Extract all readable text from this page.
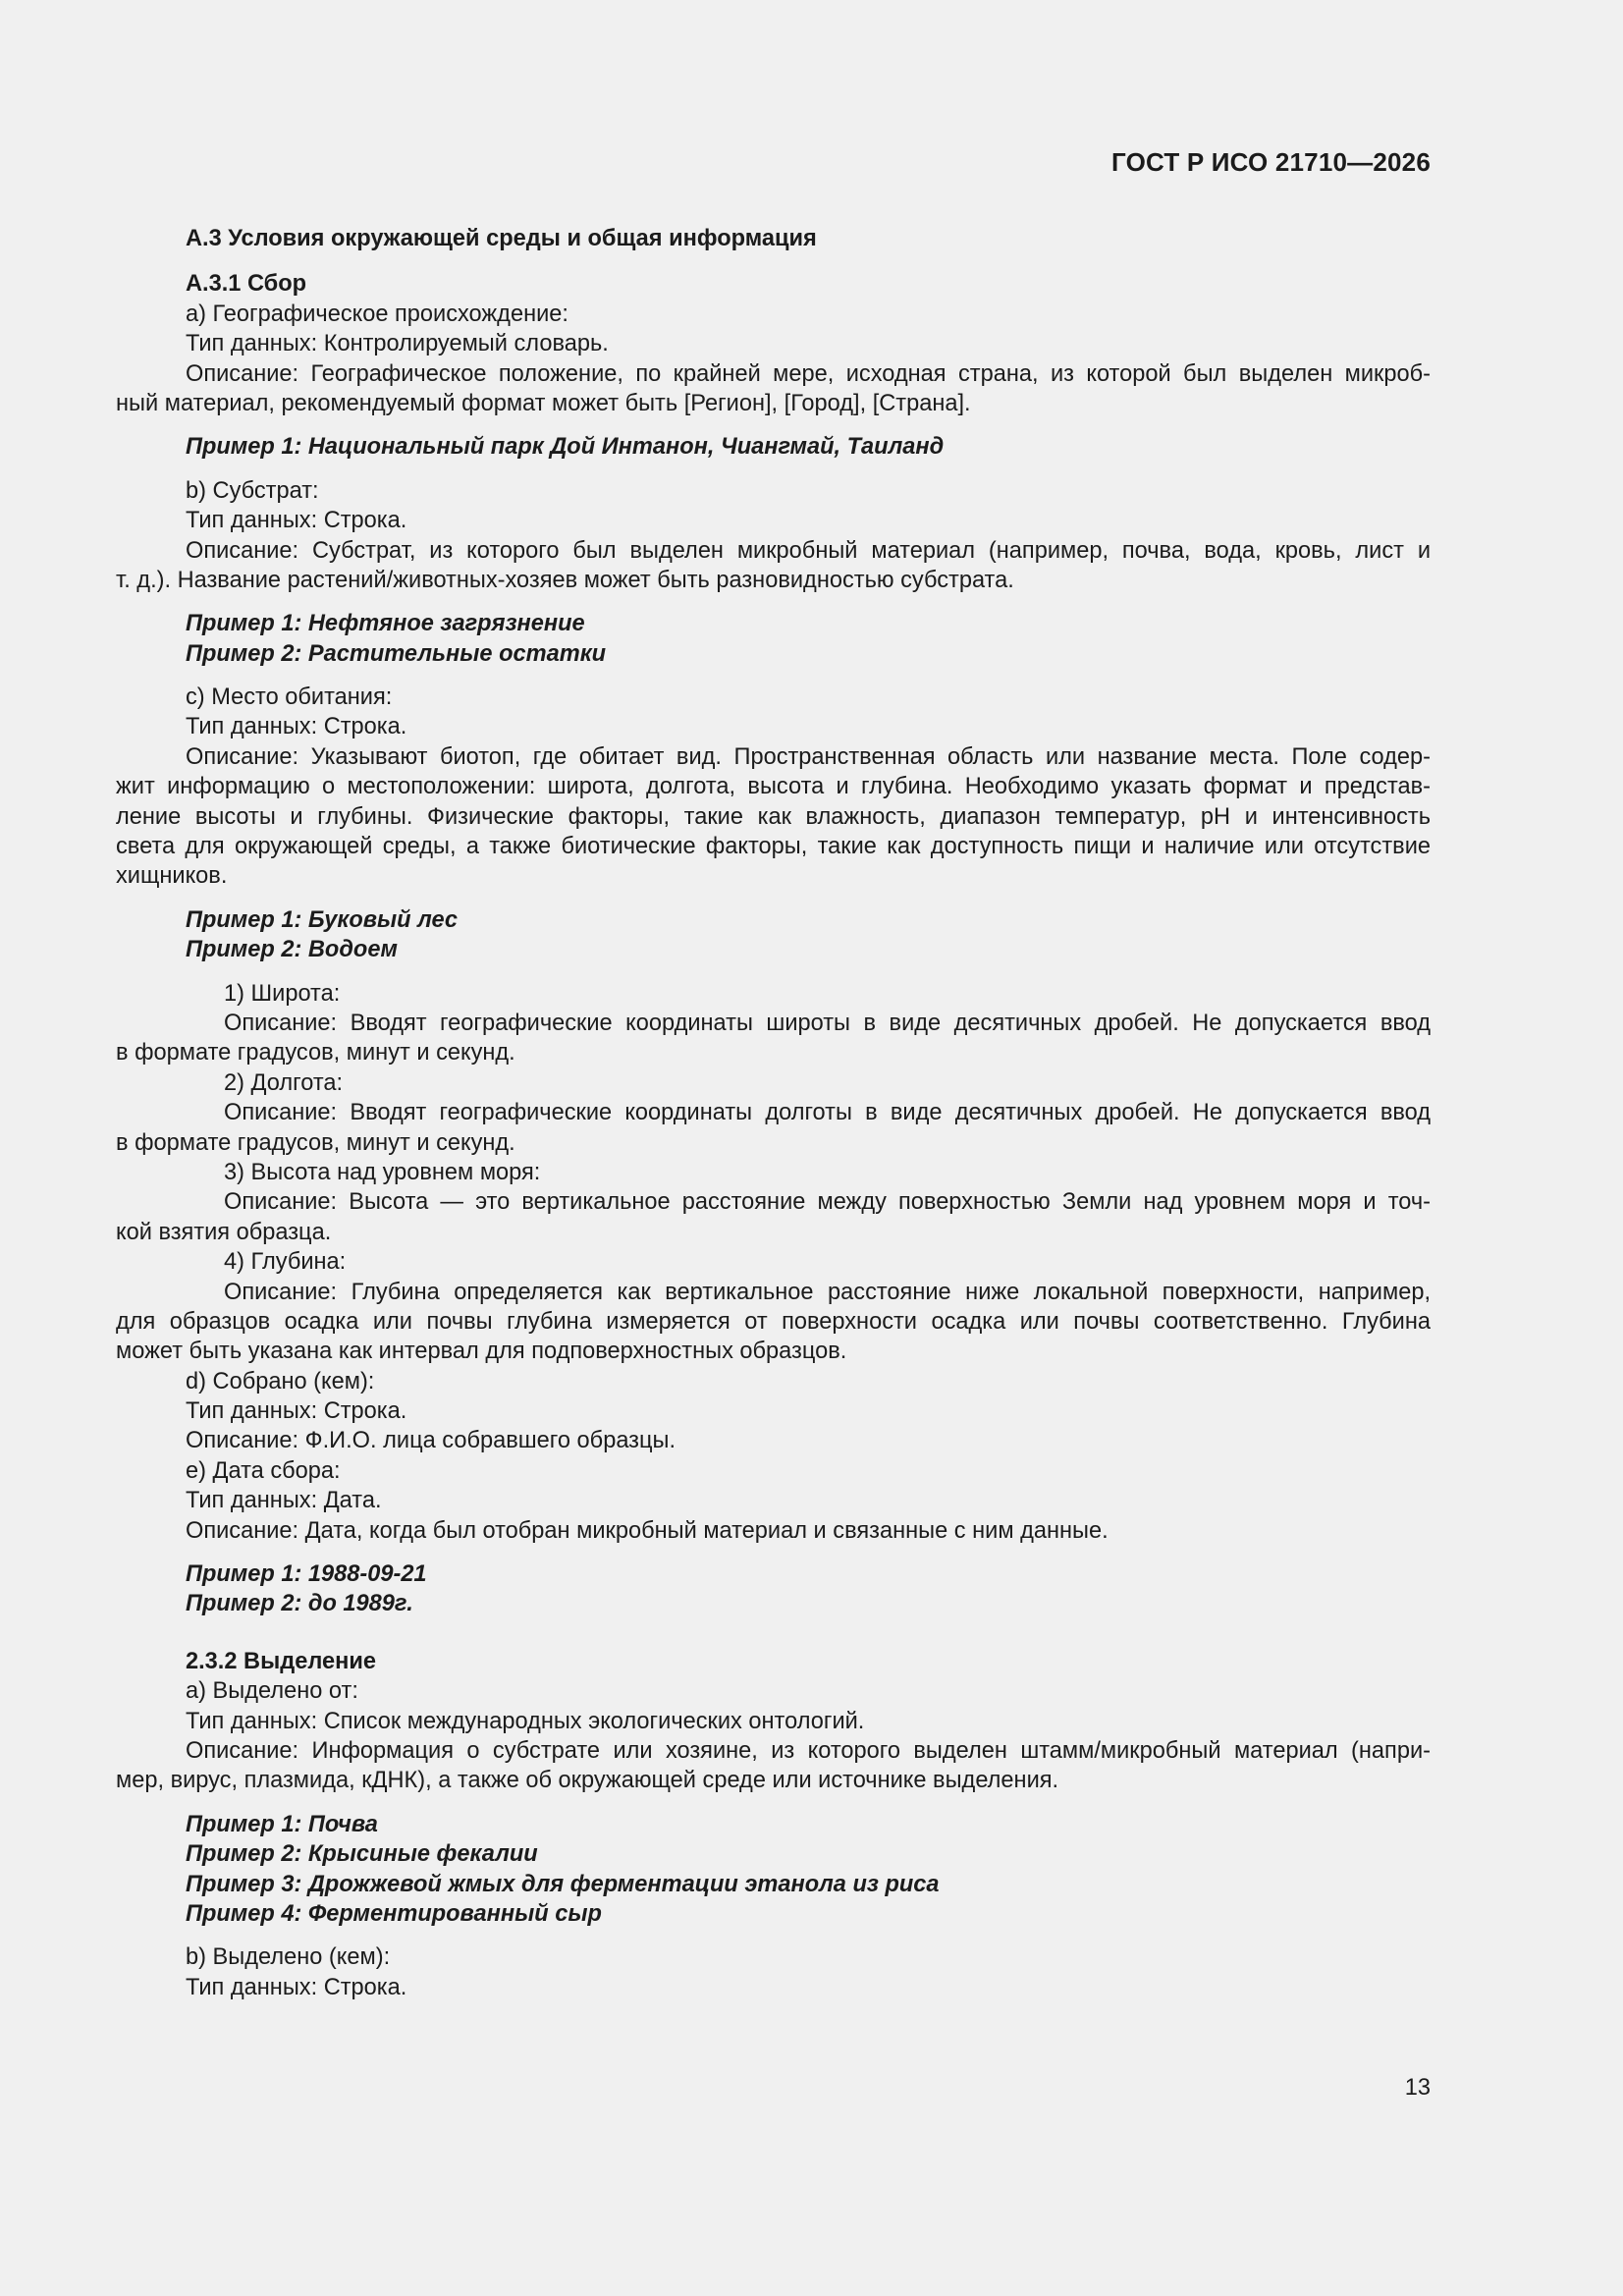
ГОСТ Р ИСО 21710—2026
А.3 Условия окружающей среды и общая информация
А.3.1 Сбор
а) Географическое происхождение:
Тип данных: Контролируемый словарь.
Описание: Географическое положение, по крайней мере, исходная страна, из которой был выделен микроб-
ный материал, рекомендуемый формат может быть [Регион], [Город], [Страна].
Пример 1: Национальный парк Дой Интанон, Чиангмай, Таиланд
b) Субстрат:
Тип данных: Строка.
Описание: Субстрат, из которого был выделен микробный материал (например, почва, вода, кровь, лист и
т. д.). Название растений/животных-хозяев может быть разновидностью субстрата.
Пример 1: Нефтяное загрязнение
Пример 2: Растительные остатки
с) Место обитания:
Тип данных: Строка.
Описание: Указывают биотоп, где обитает вид. Пространственная область или название места. Поле содер-
жит информацию о местоположении: широта, долгота, высота и глубина. Необходимо указать формат и представ-
ление высоты и глубины. Физические факторы, такие как влажность, диапазон температур, pH и интенсивность
света для окружающей среды, а также биотические факторы, такие как доступность пищи и наличие или отсутствие
хищников.
Пример 1: Буковый лес
Пример 2: Водоем
1) Широта:
Описание: Вводят географические координаты широты в виде десятичных дробей. Не допускается ввод
в формате градусов, минут и секунд.
2) Долгота:
Описание: Вводят географические координаты долготы в виде десятичных дробей. Не допускается ввод
в формате градусов, минут и секунд.
3) Высота над уровнем моря:
Описание: Высота — это вертикальное расстояние между поверхностью Земли над уровнем моря и точ-
кой взятия образца.
4) Глубина:
Описание: Глубина определяется как вертикальное расстояние ниже локальной поверхности, например,
для образцов осадка или почвы глубина измеряется от поверхности осадка или почвы соответственно. Глубина
может быть указана как интервал для подповерхностных образцов.
d) Собрано (кем):
Тип данных: Строка.
Описание: Ф.И.О. лица собравшего образцы.
е) Дата сбора:
Тип данных: Дата.
Описание: Дата, когда был отобран микробный материал и связанные с ним данные.
Пример 1: 1988-09-21
Пример 2: до 1989г.
2.3.2 Выделение
а) Выделено от:
Тип данных: Список международных экологических онтологий.
Описание: Информация о субстрате или хозяине, из которого выделен штамм/микробный материал (напри-
мер, вирус, плазмида, кДНК), а также об окружающей среде или источнике выделения.
Пример 1: Почва
Пример 2: Крысиные фекалии
Пример 3: Дрожжевой жмых для ферментации этанола из риса
Пример 4: Ферментированный сыр
b) Выделено (кем):
Тип данных: Строка.
13
